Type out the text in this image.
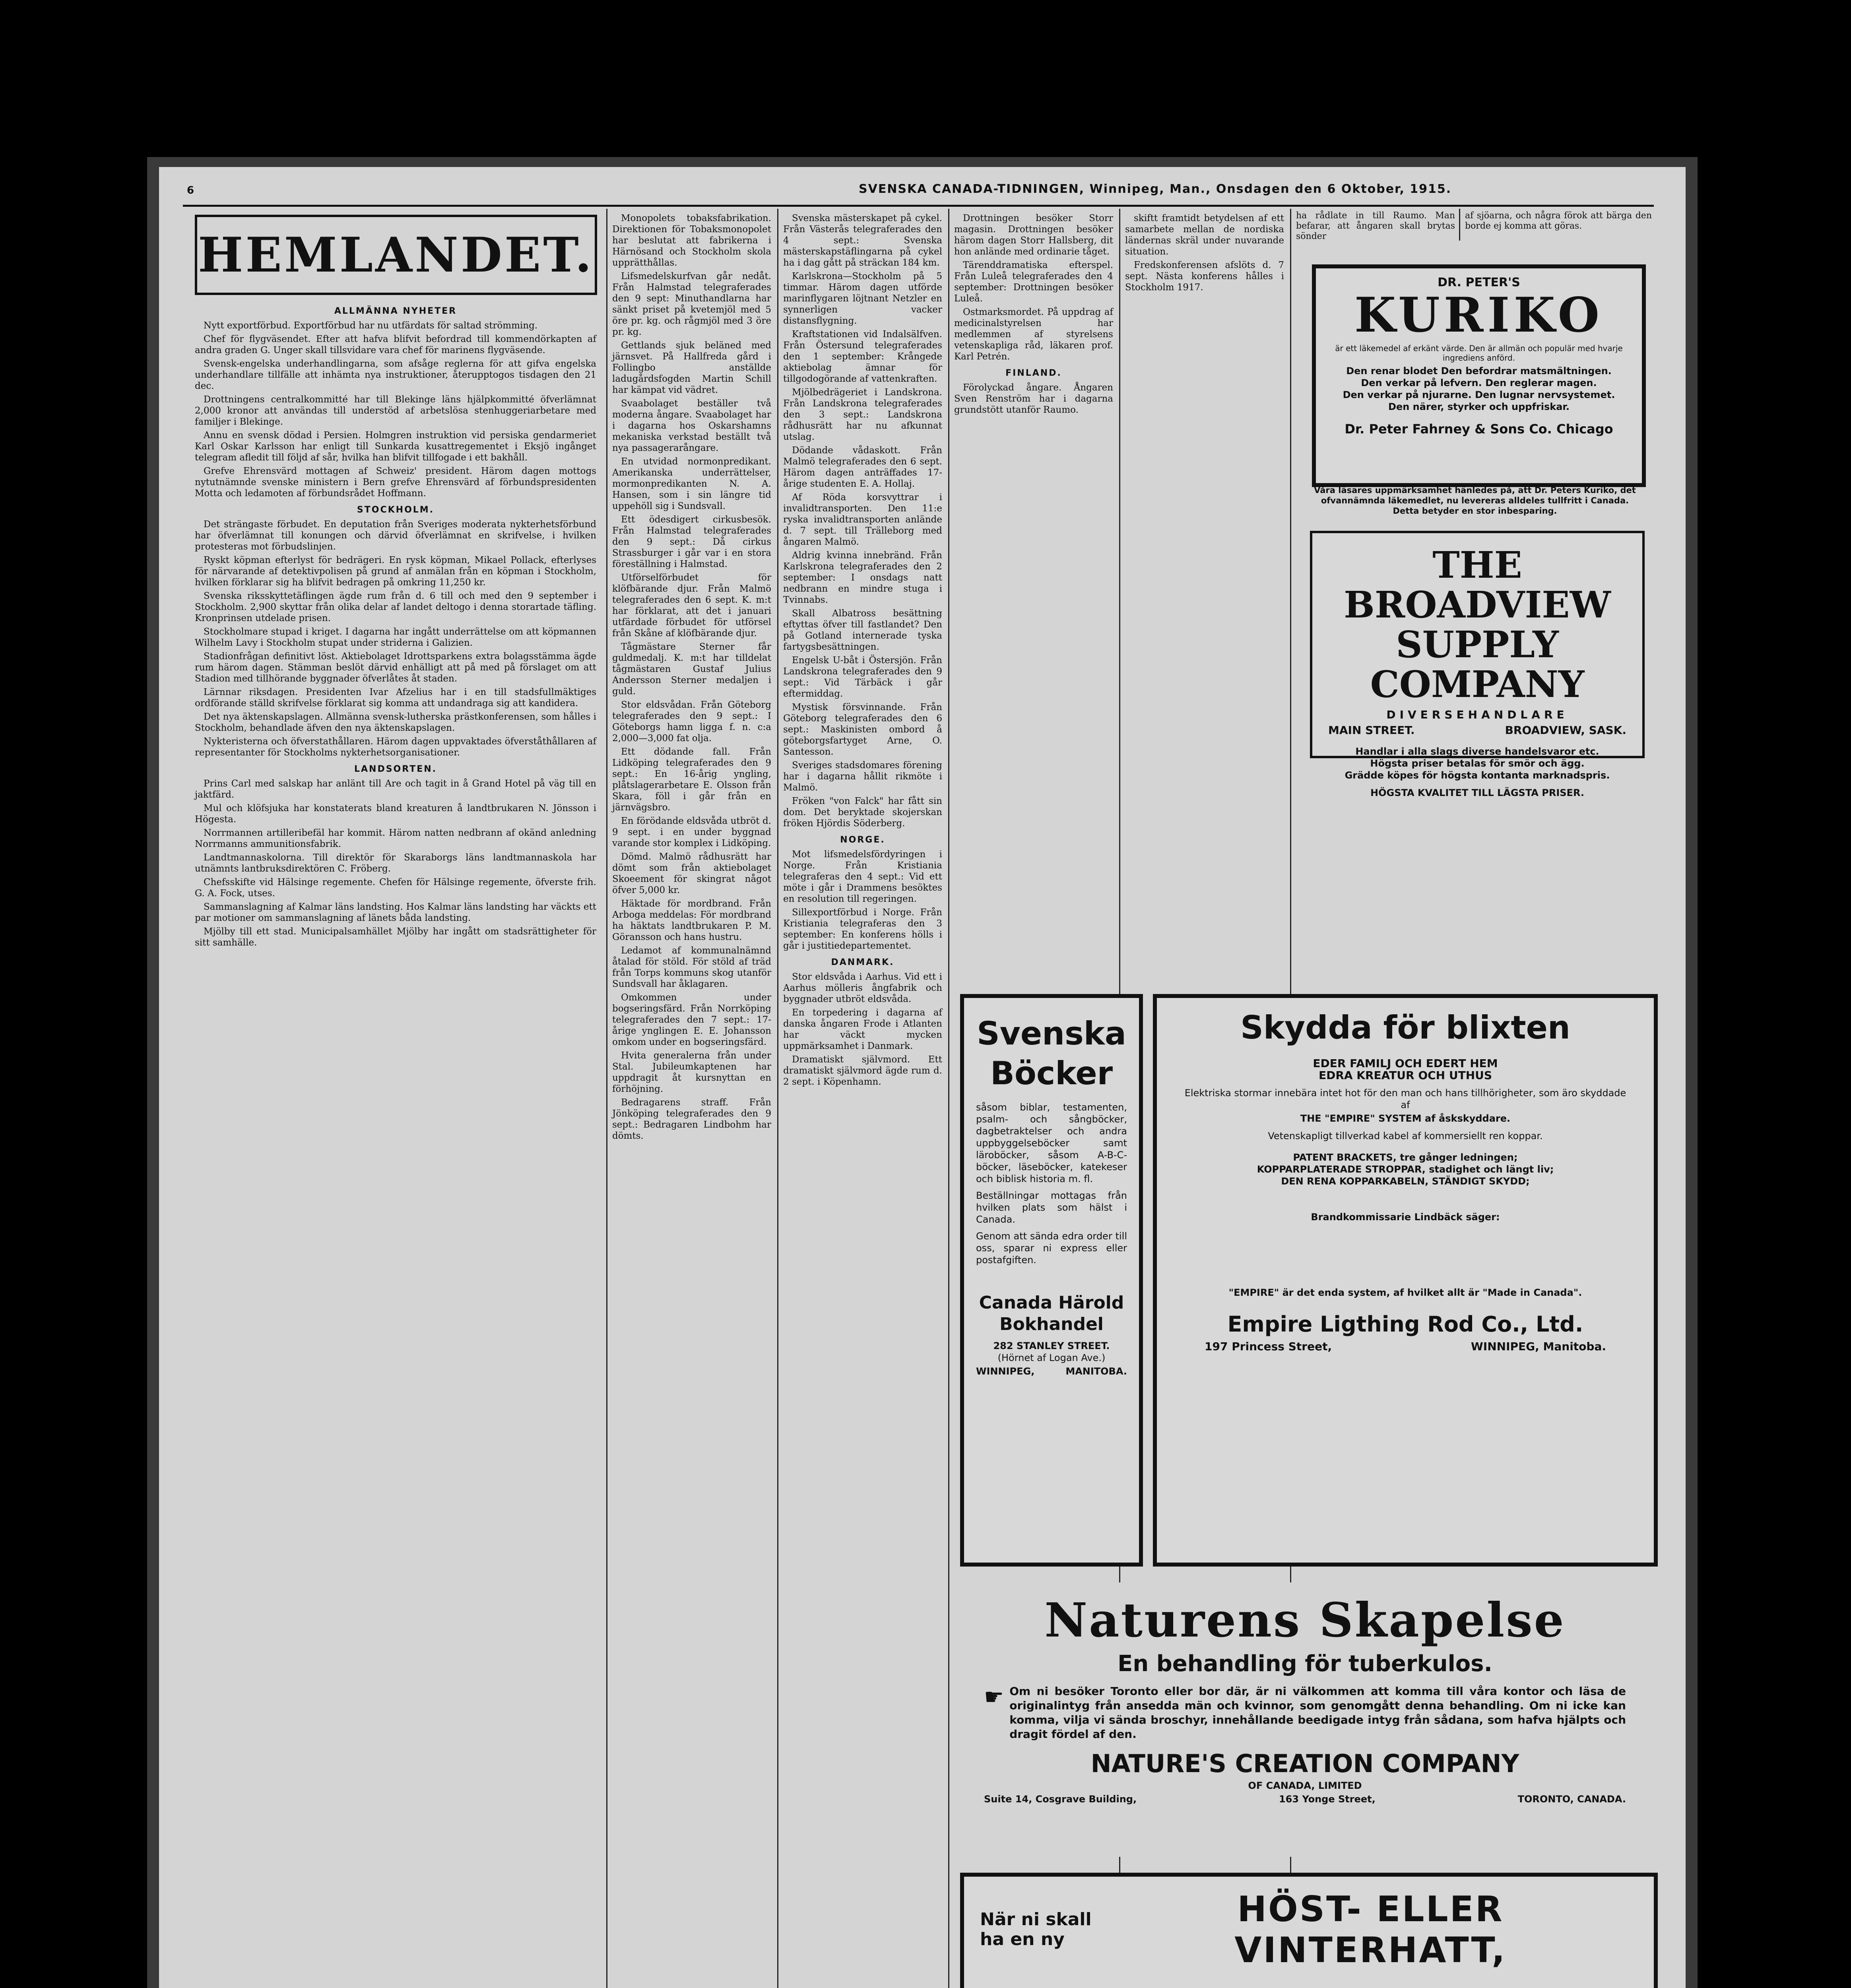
6	SVENSKA CANADA-TIDNINGEN, Winnipeg, Man., Onsdagen den 6 Oktober, 1915.
HEMLANDET.
ALLMÄNNA NYHETER

Nytt exportförbud. Exportförbud har nu utfärdats för saltad strömming.

Chef för flygväsendet. Efter att hafva blifvit befordrad till kommendörkapten af andra graden G. Unger skall tillsvidare vara chef för marinens flygväsende.

Svensk-engelska underhandlingarna, som afsåge reglerna för att gifva engelska underhandlare tillfälle att inhämta nya instruktioner, återupptogos tisdagen den 21 dec.

Drottningens centralkommitté har till Blekinge läns hjälpkommitté öfverlämnat 2,000 kronor att användas till understöd af arbetslösa stenhuggeriarbetare med familjer i Blekinge.

Annu en svensk dödad i Persien. Holmgren instruktion vid persiska gendarmeriet Karl Oskar Karlsson har enligt till Sunkarda kusattregementet i Eksjö ingånget telegram afledit till följd af sår, hvilka han blifvit tillfogade i ett bakhåll.

Grefve Ehrensvärd mottagen af Schweiz' president. Härom dagen mottogs nytutnämnde svenske ministern i Bern grefve Ehrensvärd af förbundspresidenten Motta och ledamoten af förbundsrådet Hoffmann.

STOCKHOLM.

Det strängaste förbudet. En deputation från Sveriges moderata nykterhetsförbund har öfverlämnat till konungen och därvid öfverlämnat en skrifvelse, i hvilken protesteras mot förbudslinjen.

Ryskt köpman efterlyst för bedrägeri. En rysk köpman, Mikael Pollack, efterlyses för närvarande af detektivpolisen på grund af anmälan från en köpman i Stockholm, hvilken förklarar sig ha blifvit bedragen på omkring 11,250 kr.

Svenska riksskyttetäflingen ägde rum från d. 6 till och med den 9 september i Stockholm. 2,900 skyttar från olika delar af landet deltogo i denna storartade täfling. Kronprinsen utdelade prisen.

Stockholmare stupad i kriget. I dagarna har ingått underrättelse om att köpmannen Wilhelm Lavy i Stockholm stupat under striderna i Galizien.

Stadionfrågan definitivt löst. Aktiebolaget Idrottsparkens extra bolagsstämma ägde rum härom dagen. Stämman beslöt därvid enhälligt att på med på förslaget om att Stadion med tillhörande byggnader öfverlåtes åt staden.

Lärnnar riksdagen. Presidenten Ivar Afzelius har i en till stadsfullmäktiges ordförande ställd skrifvelse förklarat sig komma att undandraga sig att kandidera.

Det nya äktenskapslagen. Allmänna svensk-lutherska prästkonferensen, som hålles i Stockholm, behandlade äfven den nya äktenskapslagen.

Nykteristerna och öfverstathållaren. Härom dagen uppvaktades öfverståthållaren af representanter för Stockholms nykterhetsorganisationer.

LANDSORTEN.

Prins Carl med salskap har anlänt till Are och tagit in å Grand Hotel på väg till en jaktfärd.

Mul och klöfsjuka har konstaterats bland kreaturen å landtbrukaren N. Jönsson i Högesta.

Norrmannen artilleribefäl har kommit. Härom natten nedbrann af okänd anledning Norrmanns ammunitionsfabrik.

Landtmannaskolorna. Till direktör för Skaraborgs läns landtmannaskola har utnämnts lantbruksdirektören C. Fröberg.

Chefsskifte vid Hälsinge regemente. Chefen för Hälsinge regemente, öfverste frih. G. A. Fock, utses.

Sammanslagning af Kalmar läns landsting. Hos Kalmar läns landsting har väckts ett par motioner om sammanslagning af länets båda landsting.

Mjölby till ett stad. Municipalsamhället Mjölby har ingått om stadsrättigheter för sitt samhälle.

Monopolets tobaksfabrikation. Direktionen för Tobaksmonopolet har beslutat att fabrikerna i Härnösand och Stockholm skola upprätthållas.

Lifsmedelskurfvan går nedåt. Från Halmstad telegraferades den 9 sept: Minuthandlarna har sänkt priset på kvetemjöl med 5 öre pr. kg. och rågmjöl med 3 öre pr. kg.

Gettlands sjuk beläned med järnsvet. På Hallfreda gård i Follingbo anställde ladugårdsfogden Martin Schill har kämpat vid vädret.

Svaabolaget beställer två moderna ångare. Svaabolaget har i dagarna hos Oskarshamns mekaniska verkstad beställt två nya passagerarångare.

En utvidad normonpredikant. Amerikanska underrättelser, mormonpredikanten N. A. Hansen, som i sin längre tid uppehöll sig i Sundsvall.

Ett ödesdigert cirkusbesök. Från Halmstad telegraferades den 9 sept.: Då cirkus Strassburger i går var i en stora föreställning i Halmstad.

Utförselförbudet för klöfbärande djur. Från Malmö telegraferades den 6 sept. K. m:t har förklarat, att det i januari utfärdade förbudet för utförsel från Skåne af klöfbärande djur.

Tågmästare Sterner får guldmedalj. K. m:t har tilldelat tågmästaren Gustaf Julius Andersson Sterner medaljen i guld.

Stor eldsvådan. Från Göteborg telegraferades den 9 sept.: I Göteborgs hamn ligga f. n. c:a 2,000—3,000 fat olja.

Ett dödande fall. Från Lidköping telegraferades den 9 sept.: En 16-årig yngling, plåtslagerarbetare E. Olsson från Skara, föll i går från en järnvägsbro.

En förödande eldsvåda utbröt d. 9 sept. i en under byggnad varande stor komplex i Lidköping.

Dömd. Malmö rådhusrätt har dömt som från aktiebolaget Skoeement för skingrat något öfver 5,000 kr.

Häktade för mordbrand. Från Arboga meddelas: För mordbrand ha häktats landtbrukaren P. M. Göransson och hans hustru.

Ledamot af kommunalnämnd åtalad för stöld. För stöld af träd från Torps kommuns skog utanför Sundsvall har åklagaren.

Omkommen under bogseringsfärd. Från Norrköping telegraferades den 7 sept.: 17-årige ynglingen E. E. Johansson omkom under en bogseringsfärd.

Hvita generalerna från under Stal. Jubileumkaptenen har uppdragit åt kursnyttan en förhöjning.

Bedragarens straff. Från Jönköping telegraferades den 9 sept.: Bedragaren Lindbohm har dömts.

Svenska mästerskapet på cykel. Från Västerås telegraferades den 4 sept.: Svenska mästerskapstäflingarna på cykel ha i dag gått på sträckan 184 km.

Karlskrona—Stockholm på 5 timmar. Härom dagen utförde marinflygaren löjtnant Netzler en synnerligen vacker distansflygning.

Kraftstationen vid Indalsälfven. Från Östersund telegraferades den 1 september: Krångede aktiebolag ämnar för tillgodogörande af vattenkraften.

Mjölbedrägeriet i Landskrona. Från Landskrona telegraferades den 3 sept.: Landskrona rådhusrätt har nu afkunnat utslag.

Dödande vådaskott. Från Malmö telegraferades den 6 sept. Härom dagen anträffades 17-årige studenten E. A. Hollaj.

Af Röda korsvyttrar i invalidtransporten. Den 11:e ryska invalidtransporten anlände d. 7 sept. till Trälleborg med ångaren Malmö.

Aldrig kvinna innebränd. Från Karlskrona telegraferades den 2 september: I onsdags natt nedbrann en mindre stuga i Tvinnabs.

Skall Albatross besättning eftyttas öfver till fastlandet? Den på Gotland internerade tyska fartygsbesättningen.

Engelsk U-båt i Östersjön. Från Landskrona telegraferades den 9 sept.: Vid Tärbäck i går eftermiddag.

Mystisk försvinnande. Från Göteborg telegraferades den 6 sept.: Maskinisten ombord å göteborgsfartyget Arne, O. Santesson.

Sveriges stadsdomares förening har i dagarna hållit rikmöte i Malmö.

Fröken "von Falck" har fått sin dom. Det beryktade skojerskan fröken Hjördis Söderberg.

NORGE.

Mot lifsmedelsfördyringen i Norge. Från Kristiania telegraferas den 4 sept.: Vid ett möte i går i Drammens besöktes en resolution till regeringen.

Sillexportförbud i Norge. Från Kristiania telegraferas den 3 september: En konferens hölls i går i justitiedepartementet.

DANMARK.

Stor eldsvåda i Aarhus. Vid ett i Aarhus mölleris ångfabrik och byggnader utbröt eldsvåda.

En torpedering i dagarna af danska ångaren Frode i Atlanten har väckt mycken uppmärksamhet i Danmark.

Dramatiskt självmord. Ett dramatiskt självmord ägde rum d. 2 sept. i Köpenhamn.

Drottningen besöker Storr magasin. Drottningen besöker härom dagen Storr Hallsberg, dit hon anlände med ordinarie tåget.

Tärenddramatiska efterspel. Från Luleå telegraferades den 4 september: Drottningen besöker Luleå.

Ostmarksmordet. På uppdrag af medicinalstyrelsen har medlemmen af styrelsens vetenskapliga råd, läkaren prof. Karl Petrén.

FINLAND.

Förolyckad ångare. Ångaren Sven Renström har i dagarna grundstött utanför Raumo.

skiftt framtidt betydelsen af ett samarbete mellan de nordiska ländernas skräl under nuvarande situation.

Fredskonferensen afslöts d. 7 sept. Nästa konferens hålles i Stockholm 1917.

ha rådlate in till Raumo. Man befarar, att ångaren skall brytas sönder
af sjöarna, och några förok att bärga den borde ej komma att göras.
DR. PETER'S
KURIKO
är ett läkemedel af erkänt värde. Den är allmän och populär med hvarje ingrediens anförd.
Den renar blodet Den befordrar matsmältningen.
Den verkar på lefvern. Den reglerar magen.
Den verkar på njurarne. Den lugnar nervsystemet.
Den närer, styrker och uppfriskar.
Dr. Peter Fahrney & Sons Co. Chicago
Våra läsares uppmärksamhet hänledes på, att Dr. Peters Kuriko, det ofvannämnda läkemedlet, nu levereras alldeles tullfritt i Canada. Detta betyder en stor inbesparing.
THE BROADVIEW
SUPPLY COMPANY
DIVERSEHANDLARE
MAIN STREET.	BROADVIEW, SASK.
Handlar i alla slags diverse handelsvaror etc.
Högsta priser betalas för smör och ägg.
Grädde köpes för högsta kontanta marknadspris.
HÖGSTA KVALITET TILL LÄGSTA PRISER.
Svenska
Böcker
såsom biblar, testamenten, psalm- och sångböcker, dagbetraktelser och andra uppbyggelseböcker samt läroböcker, såsom A-B-C-böcker, läseböcker, katekeser och biblisk historia m. fl.
Beställningar mottagas från hvilken plats som hälst i Canada.
Genom att sända edra order till oss, sparar ni express eller postafgiften.
Canada Härold
Bokhandel
282 STANLEY STREET.
(Hörnet af Logan Ave.)
WINNIPEG,	MANITOBA.
Skydda för blixten
EDER FAMILJ OCH EDERT HEM
EDRA KREATUR OCH UTHUS
Elektriska stormar innebära intet hot för den man och hans tillhörigheter, som äro skyddade af
THE "EMPIRE" SYSTEM af åskskyddare.
Vetenskapligt tillverkad kabel af kommersiellt ren koppar.
PATENT BRACKETS, tre gånger ledningen;
KOPPARPLATERADE STROPPAR, stadighet och längt liv;
DEN RENA KOPPARKABELN, STÄNDIGT SKYDD;
Brandkommissarie Lindbäck säger:
"EMPIRE" är det enda system, af hvilket allt är "Made in Canada".
Empire Ligthing Rod Co., Ltd.
197 Princess Street,	WINNIPEG, Manitoba.
Naturens Skapelse
En behandling för tuberkulos.
☛ Om ni besöker Toronto eller bor där, är ni välkommen att komma till våra kontor och läsa de originalintyg från ansedda män och kvinnor, som genomgått denna behandling. Om ni icke kan komma, vilja vi sända broschyr, innehållande beedigade intyg från sådana, som hafva hjälpts och dragit fördel af den.
NATURE'S CREATION COMPANY
OF CANADA, LIMITED
Suite 14, Cosgrave Building,	163 Yonge Street,	TORONTO, CANADA.
När ni skall ha en ny
HÖST- ELLER VINTERHATT,
